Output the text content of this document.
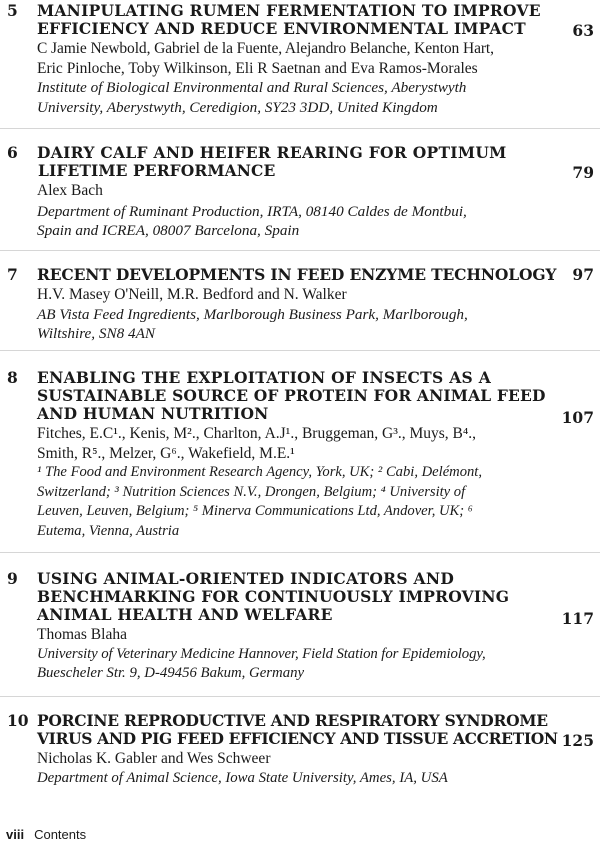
5 MANIPULATING RUMEN FERMENTATION TO IMPROVE

EFFICIENCY AND REDUCE ENVIRONMENTAL IMPACT

C Jamie Newbold, Gabriel de la Fuente, Alejandro Belanche, Kenton Hart,

Eric Pinloche, Toby Wilkinson, Eli R Saetnan and Eva Ramos-Morales

Institute of Biological Environmental and Rural Sciences, Aberystwyth

University, Aberystwyth, Ceredigion, SY23 3DD, United Kingdom

63
6 DAIRY CALF AND HEIFER REARING FOR OPTIMUM

LIFETIME PERFORMANCE

Alex Bach

Department of Ruminant Production, IRTA, 08140 Caldes de Montbui,

Spain and ICREA, 08007 Barcelona, Spain

79
7 RECENT DEVELOPMENTS IN FEED ENZYME TECHNOLOGY

H.V. Masey O'Neill, M.R. Bedford and N. Walker

AB Vista Feed Ingredients, Marlborough Business Park, Marlborough,

Wiltshire, SN8 4AN

97
8 ENABLING THE EXPLOITATION OF INSECTS AS A

SUSTAINABLE SOURCE OF PROTEIN FOR ANIMAL FEED

AND HUMAN NUTRITION

Fitches, E.C¹., Kenis, M²., Charlton, A.J¹., Bruggeman, G³., Muys, B⁴.,

Smith, R⁵., Melzer, G⁶., Wakefield, M.E.¹

¹ The Food and Environment Research Agency, York, UK; ² Cabi, Delémont,

Switzerland; ³ Nutrition Sciences N.V., Drongen, Belgium; ⁴ University of

Leuven, Leuven, Belgium; ⁵ Minerva Communications Ltd, Andover, UK; ⁶

Eutema, Vienna, Austria

107
9 USING ANIMAL-ORIENTED INDICATORS AND

BENCHMARKING FOR CONTINUOUSLY IMPROVING

ANIMAL HEALTH AND WELFARE

Thomas Blaha

University of Veterinary Medicine Hannover, Field Station for Epidemiology,

Buescheler Str. 9, D-49456 Bakum, Germany

117
10 PORCINE REPRODUCTIVE AND RESPIRATORY SYNDROME

VIRUS AND PIG FEED EFFICIENCY AND TISSUE ACCRETION

Nicholas K. Gabler and Wes Schweer

Department of Animal Science, Iowa State University, Ames, IA, USA

125
viii Contents
